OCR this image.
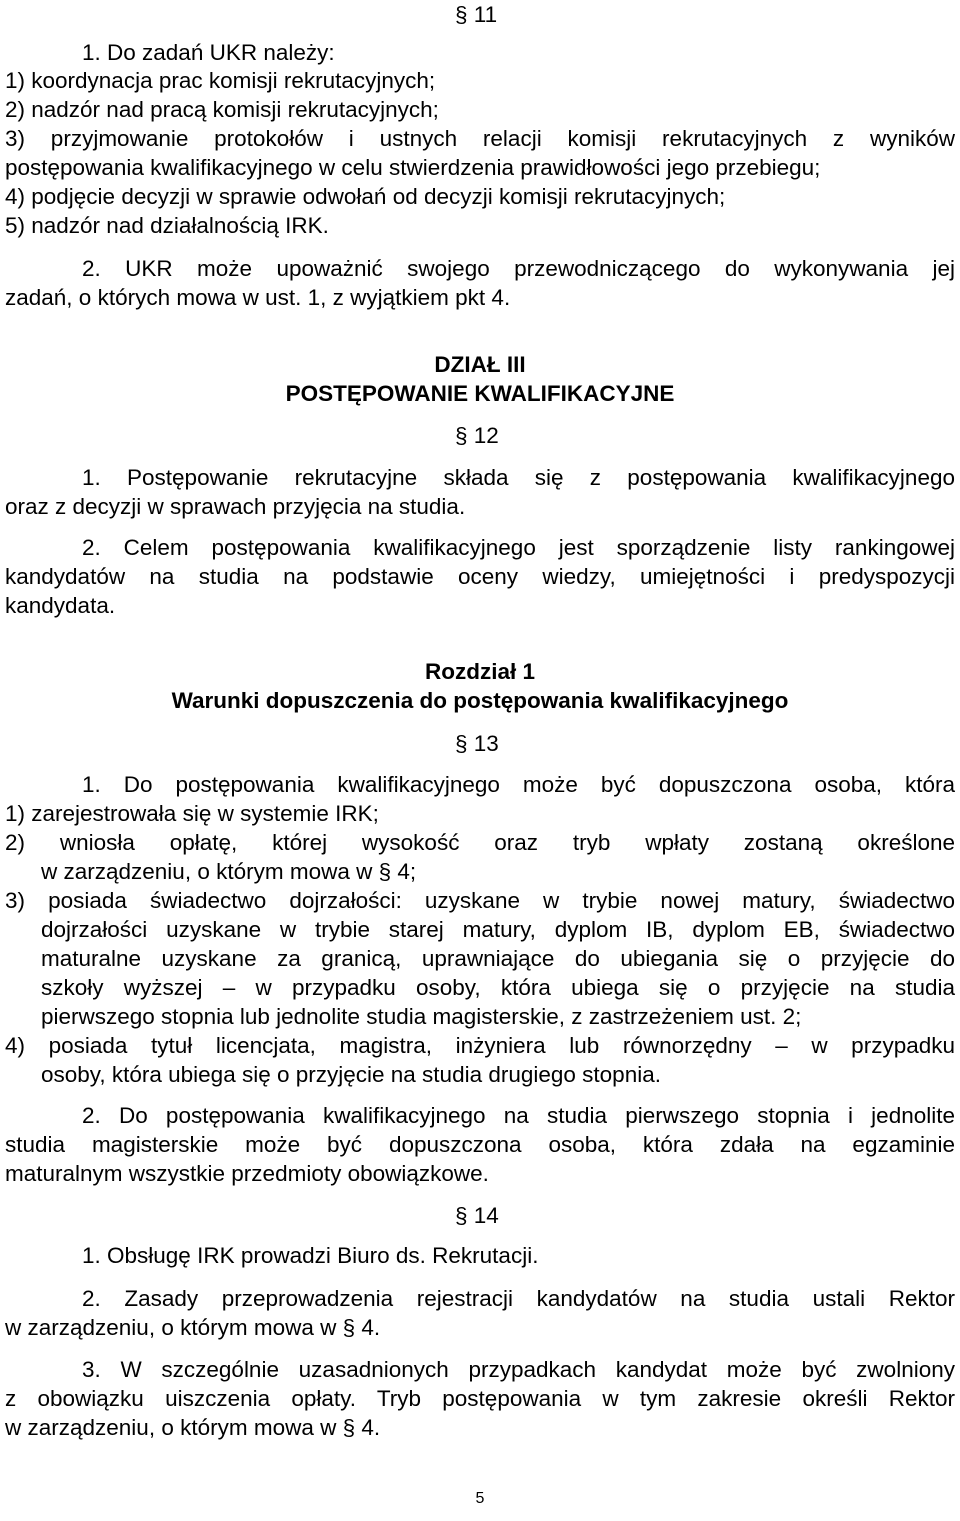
§ 11
1. Do zadań UKR należy:
1) koordynacja prac komisji rekrutacyjnych;
2) nadzór nad pracą komisji rekrutacyjnych;
3) przyjmowanie protokołów i ustnych relacji komisji rekrutacyjnych z wyników
postępowania kwalifikacyjnego w celu stwierdzenia prawidłowości jego przebiegu;
4) podjęcie decyzji w sprawie odwołań od decyzji komisji rekrutacyjnych;
5) nadzór nad działalnością IRK.
2. UKR może upoważnić swojego przewodniczącego do wykonywania jej
zadań, o których mowa w ust. 1, z wyjątkiem pkt 4.
DZIAŁ III
POSTĘPOWANIE KWALIFIKACYJNE
§ 12
1. Postępowanie rekrutacyjne składa się z postępowania kwalifikacyjnego
oraz z decyzji w sprawach przyjęcia na studia.
2. Celem postępowania kwalifikacyjnego jest sporządzenie listy rankingowej
kandydatów na studia na podstawie oceny wiedzy, umiejętności i predyspozycji
kandydata.
Rozdział 1
Warunki dopuszczenia do postępowania kwalifikacyjnego
§ 13
1. Do postępowania kwalifikacyjnego może być dopuszczona osoba, która
1) zarejestrowała się w systemie IRK;
2) wniosła opłatę, której wysokość oraz tryb wpłaty zostaną określone
w zarządzeniu, o którym mowa w § 4;
3) posiada świadectwo dojrzałości: uzyskane w trybie nowej matury, świadectwo
dojrzałości uzyskane w trybie starej matury, dyplom IB, dyplom EB, świadectwo
maturalne uzyskane za granicą, uprawniające do ubiegania się o przyjęcie do
szkoły wyższej – w przypadku osoby, która ubiega się o przyjęcie na studia
pierwszego stopnia lub jednolite studia magisterskie, z zastrzeżeniem ust. 2;
4) posiada tytuł licencjata, magistra, inżyniera lub równorzędny – w przypadku
osoby, która ubiega się o przyjęcie na studia drugiego stopnia.
2. Do postępowania kwalifikacyjnego na studia pierwszego stopnia i jednolite
studia magisterskie może być dopuszczona osoba, która zdała na egzaminie
maturalnym wszystkie przedmioty obowiązkowe.
§ 14
1. Obsługę IRK prowadzi Biuro ds. Rekrutacji.
2. Zasady przeprowadzenia rejestracji kandydatów na studia ustali Rektor
w zarządzeniu, o którym mowa w § 4.
3. W szczególnie uzasadnionych przypadkach kandydat może być zwolniony
z obowiązku uiszczenia opłaty. Tryb postępowania w tym zakresie określi Rektor
w zarządzeniu, o którym mowa w § 4.
5
